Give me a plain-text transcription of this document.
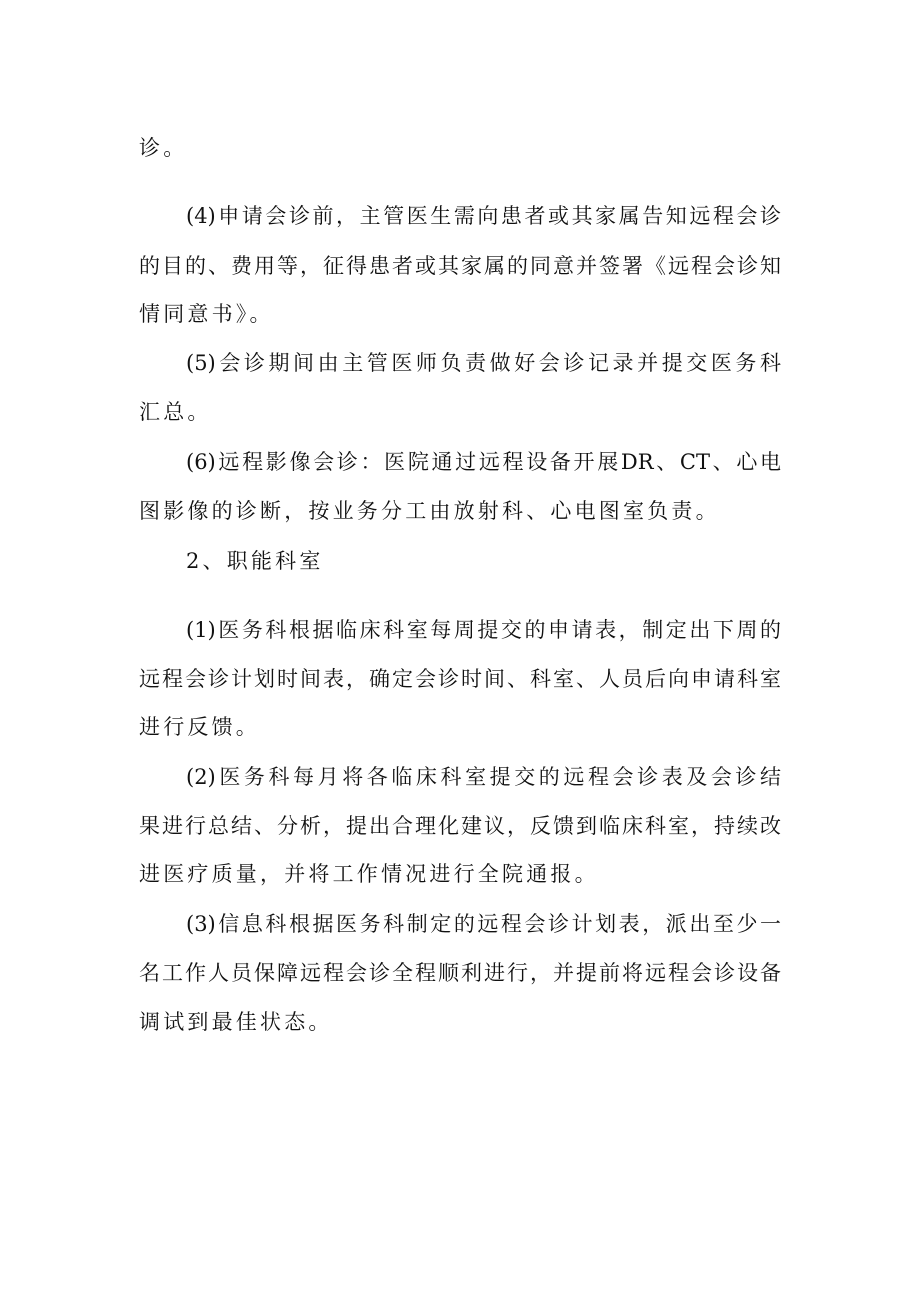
诊。
(4)申请会诊前，主管医生需向患者或其家属告知远程会诊
的目的、费用等，征得患者或其家属的同意并签署《远程会诊知
情同意书》。
(5)会诊期间由主管医师负责做好会诊记录并提交医务科
汇总。
(6)远程影像会诊：医院通过远程设备开展DR、CT、心电
图影像的诊断，按业务分工由放射科、心电图室负责。
2、职能科室
(1)医务科根据临床科室每周提交的申请表，制定出下周的
远程会诊计划时间表，确定会诊时间、科室、人员后向申请科室
进行反馈。
(2)医务科每月将各临床科室提交的远程会诊表及会诊结
果进行总结、分析，提出合理化建议，反馈到临床科室，持续改
进医疗质量，并将工作情况进行全院通报。
(3)信息科根据医务科制定的远程会诊计划表，派出至少一
名工作人员保障远程会诊全程顺利进行，并提前将远程会诊设备
调试到最佳状态。
